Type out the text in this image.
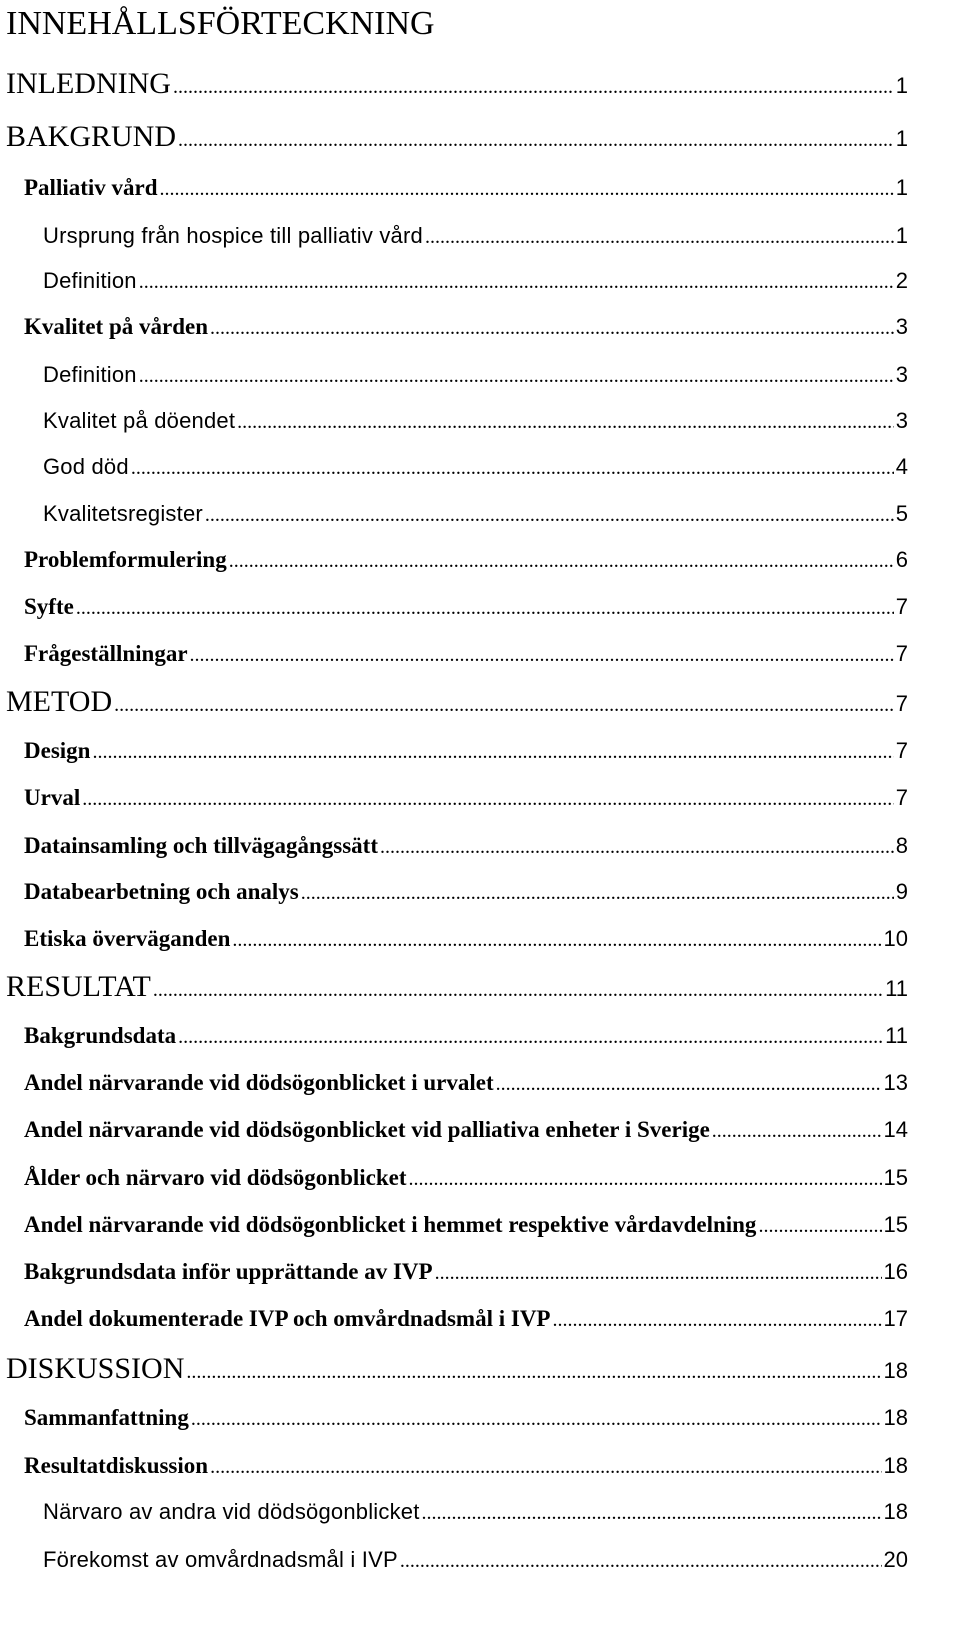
INNEHÅLLSFÖRTECKNING
INLEDNING .....	1
BAKGRUND .....	1
Palliativ vård .....	1
Ursprung från hospice till palliativ vård .....	1
Definition .....	2
Kvalitet på vården .....	3
Definition .....	3
Kvalitet på döendet .....	3
God död .....	4
Kvalitetsregister .....	5
Problemformulering .....	6
Syfte .....	7
Frågeställningar .....	7
METOD .....	7
Design .....	7
Urval .....	7
Datainsamling och tillvägagångssätt .....	8
Databearbetning och analys .....	9
Etiska överväganden .....	10
RESULTAT .....	11
Bakgrundsdata .....	11
Andel närvarande vid dödsögonblicket i urvalet .....	13
Andel närvarande vid dödsögonblicket vid palliativa enheter i Sverige .....	14
Ålder och närvaro vid dödsögonblicket .....	15
Andel närvarande vid dödsögonblicket i hemmet respektive vårdavdelning .....	15
Bakgrundsdata inför upprättande av IVP .....	16
Andel dokumenterade IVP och omvårdnadsmål i IVP .....	17
DISKUSSION .....	18
Sammanfattning .....	18
Resultatdiskussion .....	18
Närvaro av andra vid dödsögonblicket .....	18
Förekomst av omvårdnadsmål i IVP .....	20
